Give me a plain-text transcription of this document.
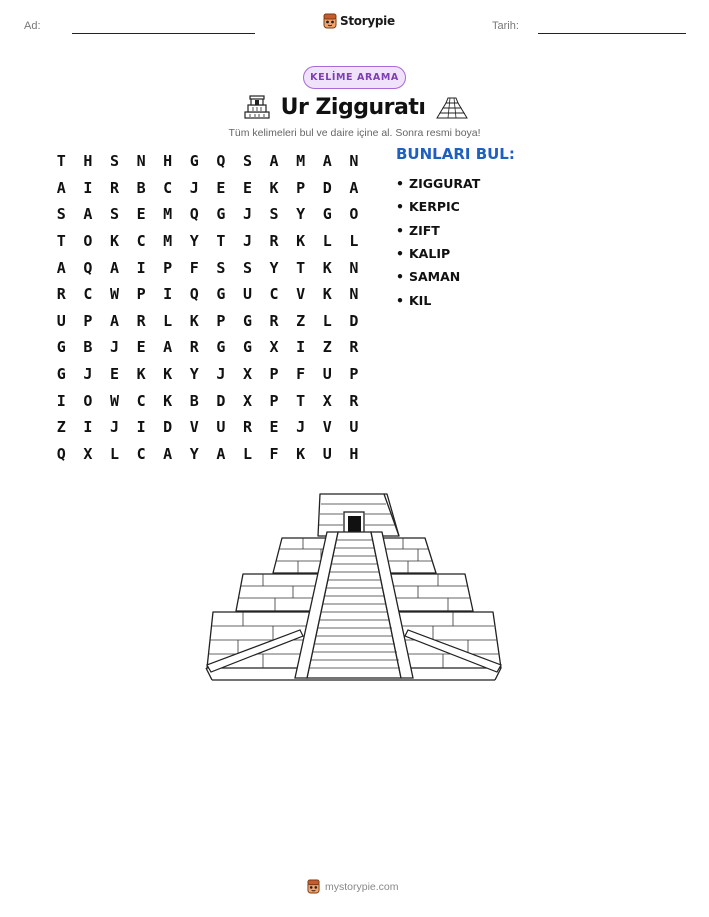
Ad:	Storypie	Tarih:
KELİME ARAMA
Ur Zigguratı
Tüm kelimeleri bul ve daire içine al. Sonra resmi boya!
T	H	S	N	H	G	Q	S	A	M	A	N
A	I	R	B	C	J	E	E	K	P	D	A
S	A	S	E	M	Q	G	J	S	Y	G	O
T	O	K	C	M	Y	T	J	R	K	L	L
A	Q	A	I	P	F	S	S	Y	T	K	N
R	C	W	P	I	Q	G	U	C	V	K	N
U	P	A	R	L	K	P	G	R	Z	L	D
G	B	J	E	A	R	G	G	X	I	Z	R
G	J	E	K	K	Y	J	X	P	F	U	P
I	O	W	C	K	B	D	X	P	T	X	R
Z	I	J	I	D	V	U	R	E	J	V	U
Q	X	L	C	A	Y	A	L	F	K	U	H
BUNLARI BUL:
• ZIGGURAT
• KERPIC
• ZIFT
• KALIP
• SAMAN
• KIL
mystorypie.com
